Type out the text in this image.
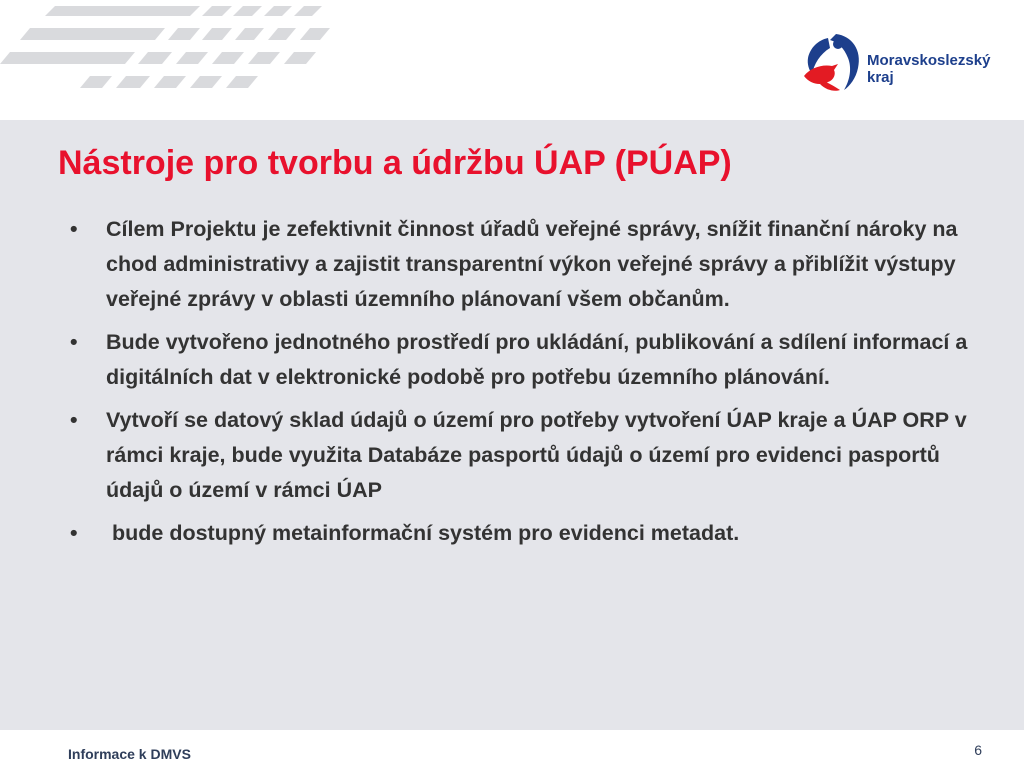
Moravskoslezský
kraj
Nástroje pro tvorbu a údržbu ÚAP (PÚAP)
•	Cílem Projektu je zefektivnit činnost úřadů veřejné správy, snížit finanční nároky na chod administrativy a zajistit transparentní výkon veřejné správy a přiblížit výstupy veřejné zprávy v oblasti územního plánovaní všem občanům.
•	Bude vytvořeno jednotného prostředí pro ukládání, publikování a sdílení informací a digitálních dat v elektronické podobě pro potřebu územního plánování.
•	Vytvoří se datový sklad údajů o území pro potřeby vytvoření ÚAP kraje a ÚAP ORP v rámci kraje, bude využita Databáze pasportů údajů o území pro evidenci pasportů údajů o území v rámci ÚAP
•	bude dostupný metainformační systém pro evidenci metadat.
Informace k DMVS	6
